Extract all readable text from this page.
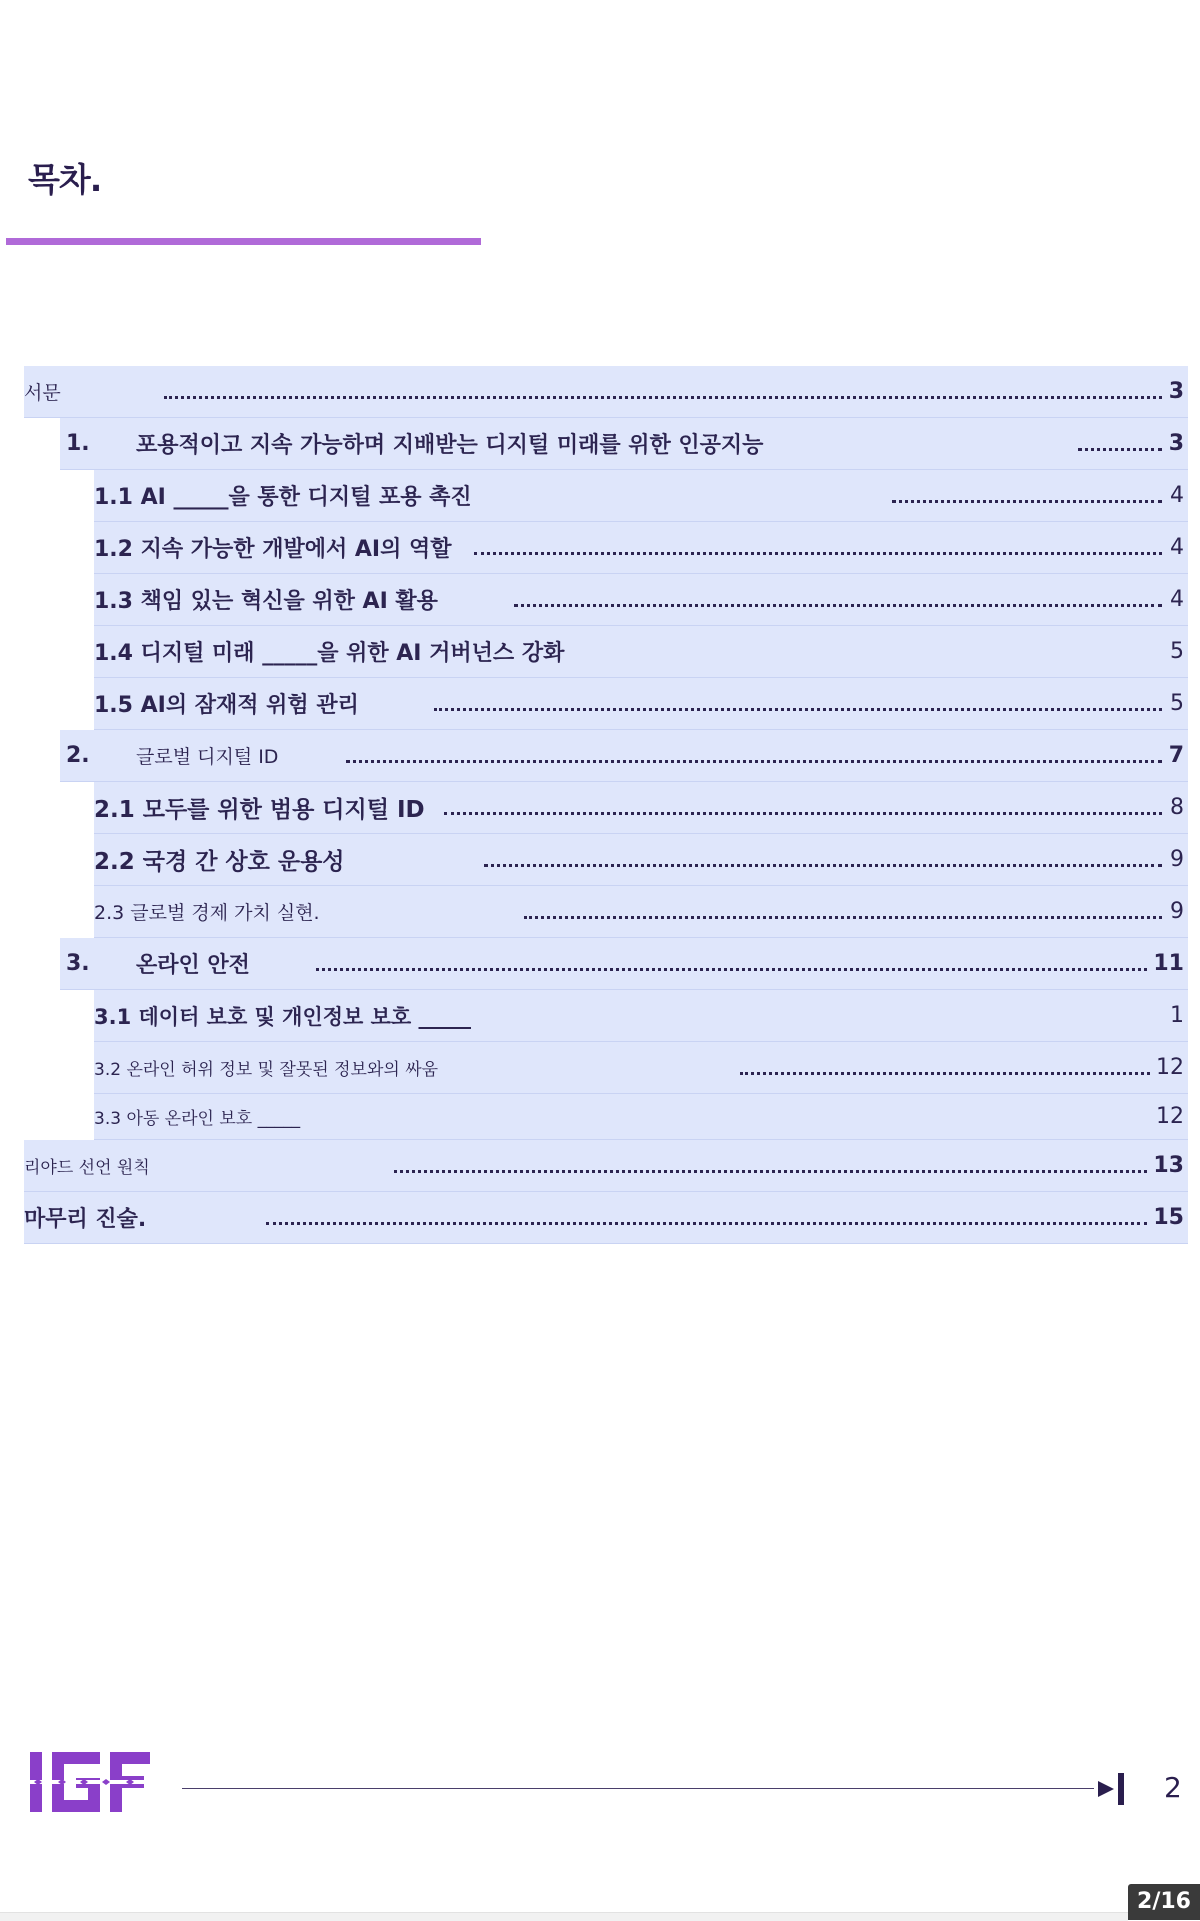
목차.
서문	3
1.	포용적이고 지속 가능하며 지배받는 디지털 미래를 위한 인공지능	3
1.1 AI _____을 통한 디지털 포용 촉진	4
1.2 지속 가능한 개발에서 AI의 역할	4
1.3 책임 있는 혁신을 위한 AI 활용	4
1.4 디지털 미래 _____을 위한 AI 거버넌스 강화	5
1.5 AI의 잠재적 위험 관리	5
2.	글로벌 디지털 ID	7
2.1 모두를 위한 범용 디지털 ID	8
2.2 국경 간 상호 운용성	9
2.3 글로벌 경제 가치 실현.	9
3.	온라인 안전	11
3.1 데이터 보호 및 개인정보 보호 _____	1
3.2 온라인 허위 정보 및 잘못된 정보와의 싸움	12
3.3 아동 온라인 보호 _____	12
리야드 선언 원칙	13
마무리 진술.	15
2
2/16
